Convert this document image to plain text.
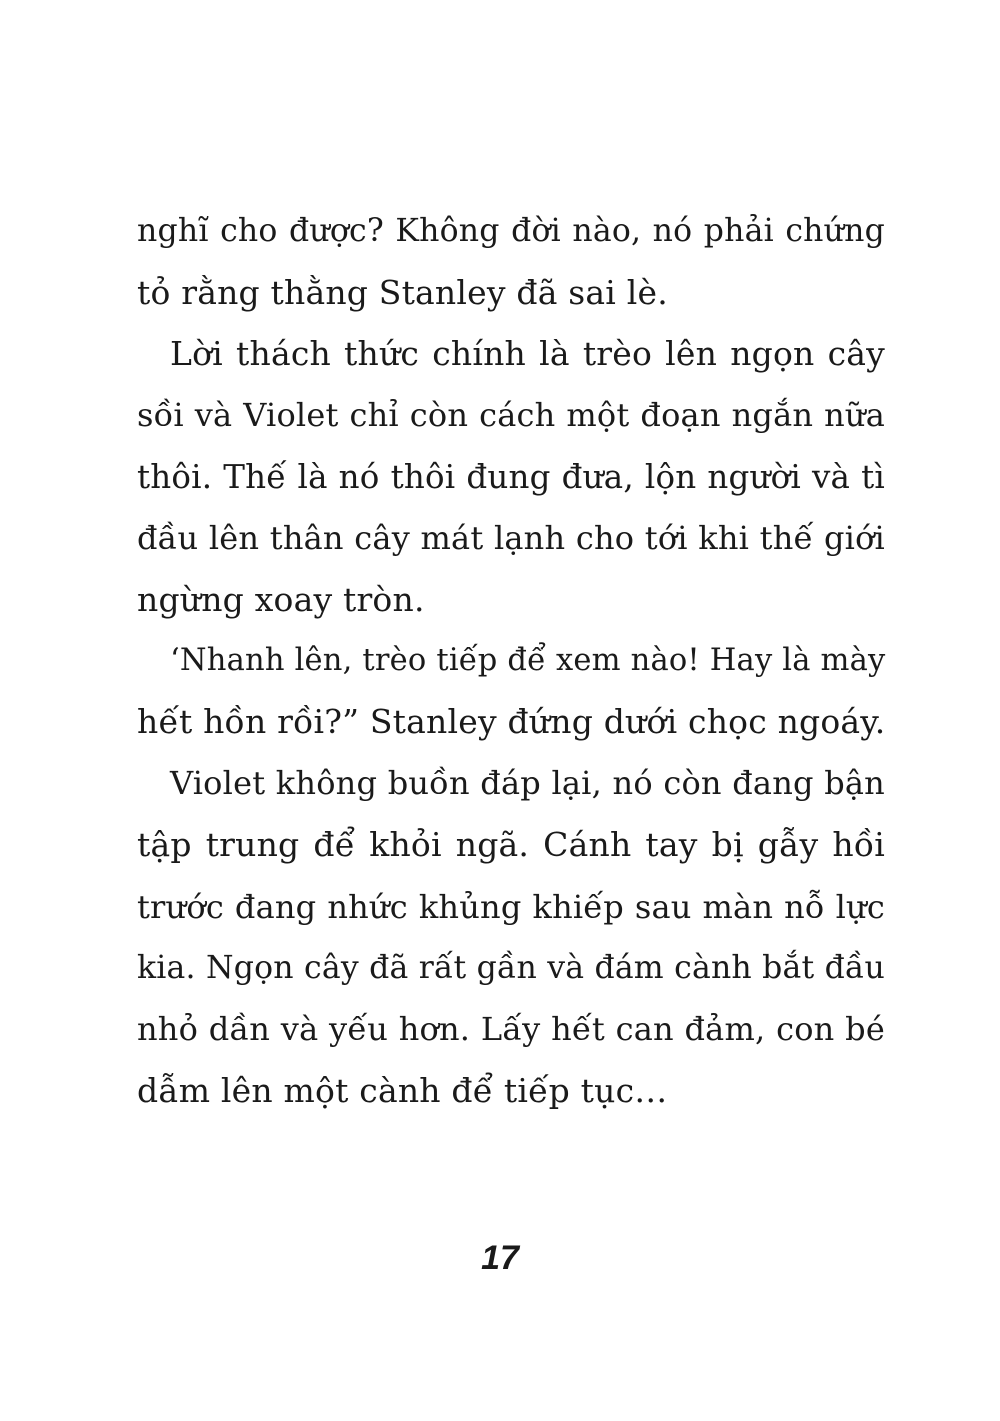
nghĩ cho được? Không đời nào, nó phải chứng
tỏ rằng thằng Stanley đã sai lè.
Lời thách thức chính là trèo lên ngọn cây
sồi và Violet chỉ còn cách một đoạn ngắn nữa
thôi. Thế là nó thôi đung đưa, lộn người và tì
đầu lên thân cây mát lạnh cho tới khi thế giới
ngừng xoay tròn.
‘Nhanh lên, trèo tiếp để xem nào! Hay là mày
hết hồn rồi?” Stanley đứng dưới chọc ngoáy.
Violet không buồn đáp lại, nó còn đang bận
tập trung để khỏi ngã. Cánh tay bị gẫy hồi
trước đang nhức khủng khiếp sau màn nỗ lực
kia. Ngọn cây đã rất gần và đám cành bắt đầu
nhỏ dần và yếu hơn. Lấy hết can đảm, con bé
dẫm lên một cành để tiếp tục…
17
